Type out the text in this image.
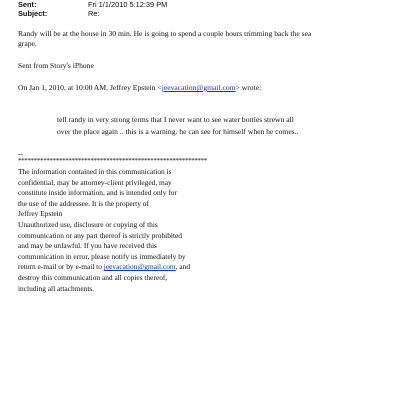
Sent:	Fri 1/1/2010 5:12:39 PM
Subject:	Re:
Randy will be at the house in 30 min. He is going to spend a couple hours trimming back the sea
grape.
Sent from Story's iPhone
On Jan 1, 2010, at 10:00 AM, Jeffrey Epstein <jeevacation@gmail.com> wrote:
tell randy in very strong terms that I never want to see water bottles strewn all
over the place again .. this is a warning. he can see for himself when he comes..
--
************************************************************
The information contained in this communication is
confidential, may be attorney-client privileged, may
constitute inside information, and is intended only for
the use of the addressee. It is the property of
Jeffrey Epstein
Unauthorized use, disclosure or copying of this
communication or any part thereof is strictly prohibited
and may be unlawful. If you have received this
communication in error, please notify us immediately by
return e-mail or by e-mail to jeevacation@gmail.com, and
destroy this communication and all copies thereof,
including all attachments.
